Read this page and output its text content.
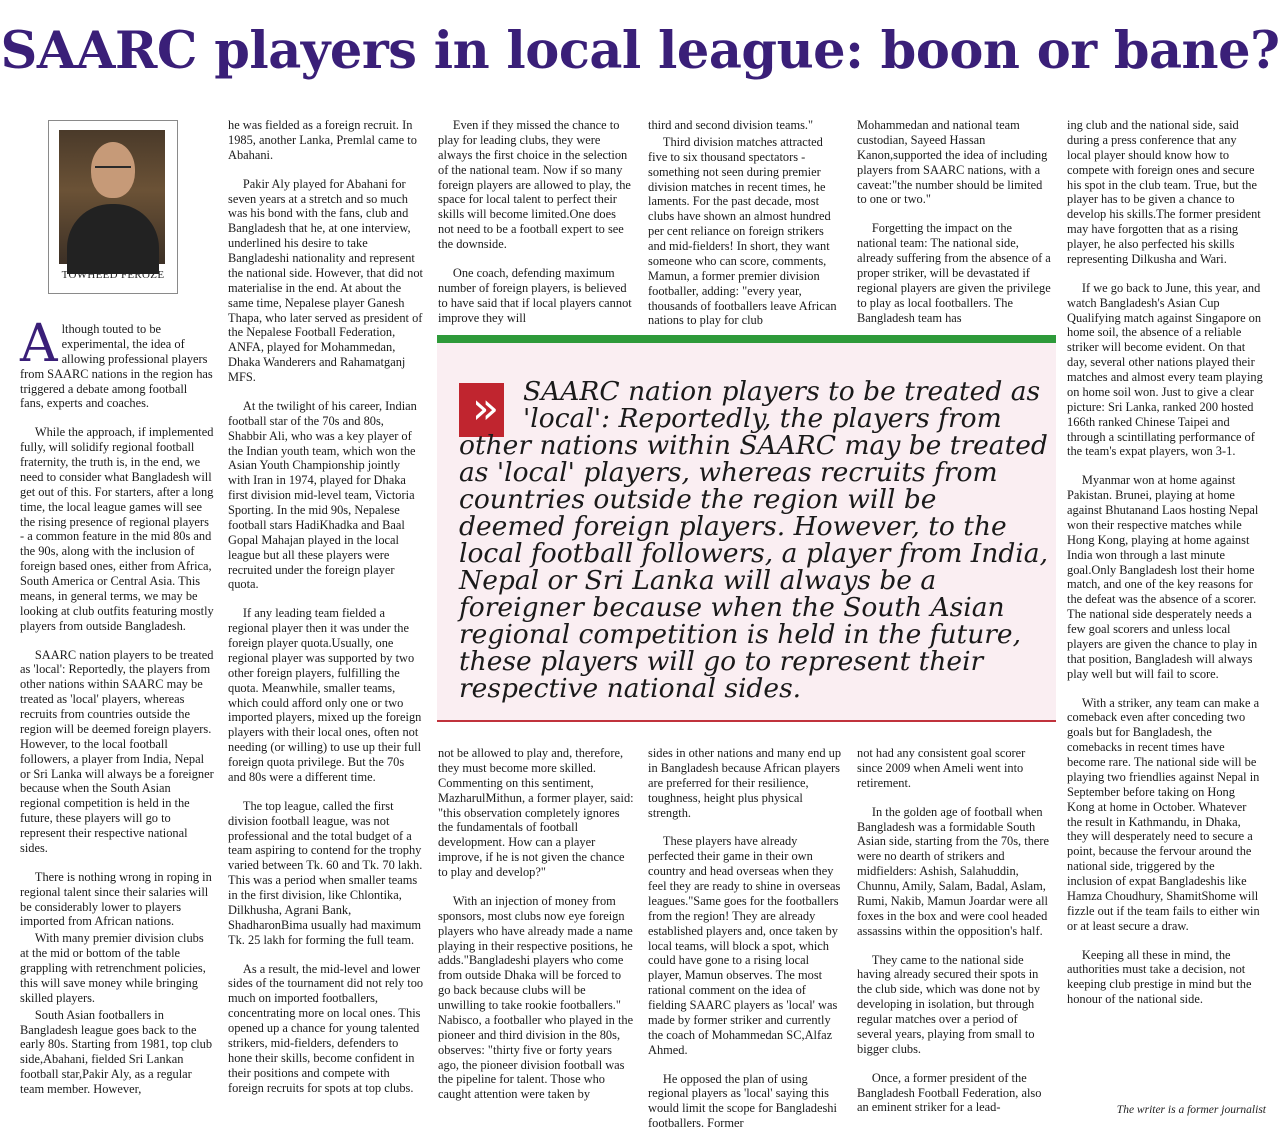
SAARC players in local league: boon or bane?
TOWHEED FEROZE

Although touted to be experimental, the idea of allowing professional players from SAARC nations in the region has triggered a debate among football fans, experts and coaches.

While the approach, if implemented fully, will solidify regional football fraternity, the truth is, in the end, we need to consider what Bangladesh will get out of this. For starters, after a long time, the local league games will see the rising presence of regional players - a common feature in the mid 80s and the 90s, along with the inclusion of foreign based ones, either from Africa, South America or Central Asia. This means, in general terms, we may be looking at club outfits featuring mostly players from outside Bangladesh.

SAARC nation players to be treated as 'local': Reportedly, the players from other nations within SAARC may be treated as 'local' players, whereas recruits from countries outside the region will be deemed foreign players. However, to the local football followers, a player from India, Nepal or Sri Lanka will always be a foreigner because when the South Asian regional competition is held in the future, these players will go to represent their respective national sides.

There is nothing wrong in roping in regional talent since their salaries will be considerably lower to players imported from African nations.

With many premier division clubs at the mid or bottom of the table grappling with retrenchment policies, this will save money while bringing skilled players.

South Asian footballers in Bangladesh league goes back to the early 80s. Starting from 1981, top club side,Abahani, fielded Sri Lankan football star,Pakir Aly, as a regular team member. However,

he was fielded as a foreign recruit. In 1985, another Lanka, Premlal came to Abahani.

Pakir Aly played for Abahani for seven years at a stretch and so much was his bond with the fans, club and Bangladesh that he, at one interview, underlined his desire to take Bangladeshi nationality and represent the national side. However, that did not materialise in the end. At about the same time, Nepalese player Ganesh Thapa, who later served as president of the Nepalese Football Federation, ANFA, played for Mohammedan, Dhaka Wanderers and Rahamatganj MFS.

At the twilight of his career, Indian football star of the 70s and 80s, Shabbir Ali, who was a key player of the Indian youth team, which won the Asian Youth Championship jointly with Iran in 1974, played for Dhaka first division mid-level team, Victoria Sporting. In the mid 90s, Nepalese football stars HadiKhadka and Baal Gopal Mahajan played in the local league but all these players were recruited under the foreign player quota.

If any leading team fielded a regional player then it was under the foreign player quota.Usually, one regional player was supported by two other foreign players, fulfilling the quota. Meanwhile, smaller teams, which could afford only one or two imported players, mixed up the foreign players with their local ones, often not needing (or willing) to use up their full foreign quota privilege. But the 70s and 80s were a different time.

The top league, called the first division football league, was not professional and the total budget of a team aspiring to contend for the trophy varied between Tk. 60 and Tk. 70 lakh. This was a period when smaller teams in the first division, like Chlontika, Dilkhusha, Agrani Bank, ShadharonBima usually had maximum Tk. 25 lakh for forming the full team.

As a result, the mid-level and lower sides of the tournament did not rely too much on imported footballers, concentrating more on local ones. This opened up a chance for young talented strikers, mid-fielders, defenders to hone their skills, become confident in their positions and compete with foreign recruits for spots at top clubs.

Even if they missed the chance to play for leading clubs, they were always the first choice in the selection of the national team. Now if so many foreign players are allowed to play, the space for local talent to perfect their skills will become limited.One does not need to be a football expert to see the downside.

One coach, defending maximum number of foreign players, is believed to have said that if local players cannot improve they will

third and second division teams."

Third division matches attracted five to six thousand spectators - something not seen during premier division matches in recent times, he laments. For the past decade, most clubs have shown an almost hundred per cent reliance on foreign strikers and mid-fielders! In short, they want someone who can score, comments, Mamun, a former premier division footballer, adding: "every year, thousands of footballers leave African nations to play for club

Mohammedan and national team custodian, Sayeed Hassan Kanon,supported the idea of including players from SAARC nations, with a caveat:"the number should be limited to one or two."

Forgetting the impact on the national team: The national side, already suffering from the absence of a proper striker, will be devastated if regional players are given the privilege to play as local footballers. The Bangladesh team has

››	SAARC nation players to be treated as 'local': Reportedly, the players from other nations within SAARC may be treated as 'local' players, whereas recruits from countries outside the region will be deemed foreign players. However, to the local football followers, a player from India, Nepal or Sri Lanka will always be a foreigner because when the South Asian regional competition is held in the future, these players will go to represent their respective national sides.

not be allowed to play and, therefore, they must become more skilled. Commenting on this sentiment, MazharulMithun, a former player, said: "this observation completely ignores the fundamentals of football development. How can a player improve, if he is not given the chance to play and develop?"

With an injection of money from sponsors, most clubs now eye foreign players who have already made a name playing in their respective positions, he adds."Bangladeshi players who come from outside Dhaka will be forced to go back because clubs will be unwilling to take rookie footballers." Nabisco, a footballer who played in the pioneer and third division in the 80s, observes: "thirty five or forty years ago, the pioneer division football was the pipeline for talent. Those who caught attention were taken by

sides in other nations and many end up in Bangladesh because African players are preferred for their resilience, toughness, height plus physical strength.

These players have already perfected their game in their own country and head overseas when they feel they are ready to shine in overseas leagues."Same goes for the footballers from the region! They are already established players and, once taken by local teams, will block a spot, which could have gone to a rising local player, Mamun observes. The most rational comment on the idea of fielding SAARC players as 'local' was made by former striker and currently the coach of Mohammedan SC,Alfaz Ahmed.

He opposed the plan of using regional players as 'local' saying this would limit the scope for Bangladeshi footballers. Former

not had any consistent goal scorer since 2009 when Ameli went into retirement.

In the golden age of football when Bangladesh was a formidable South Asian side, starting from the 70s, there were no dearth of strikers and midfielders: Ashish, Salahuddin, Chunnu, Amily, Salam, Badal, Aslam, Rumi, Nakib, Mamun Joardar were all foxes in the box and were cool headed assassins within the opposition's half.

They came to the national side having already secured their spots in the club side, which was done not by developing in isolation, but through regular matches over a period of several years, playing from small to bigger clubs.

Once, a former president of the Bangladesh Football Federation, also an eminent striker for a lead-

ing club and the national side, said during a press conference that any local player should know how to compete with foreign ones and secure his spot in the club team. True, but the player has to be given a chance to develop his skills.The former president may have forgotten that as a rising player, he also perfected his skills representing Dilkusha and Wari.

If we go back to June, this year, and watch Bangladesh's Asian Cup Qualifying match against Singapore on home soil, the absence of a reliable striker will become evident. On that day, several other nations played their matches and almost every team playing on home soil won. Just to give a clear picture: Sri Lanka, ranked 200 hosted 166th ranked Chinese Taipei and through a scintillating performance of the team's expat players, won 3-1.

Myanmar won at home against Pakistan. Brunei, playing at home against Bhutanand Laos hosting Nepal won their respective matches while Hong Kong, playing at home against India won through a last minute goal.Only Bangladesh lost their home match, and one of the key reasons for the defeat was the absence of a scorer. The national side desperately needs a few goal scorers and unless local players are given the chance to play in that position, Bangladesh will always play well but will fail to score.

With a striker, any team can make a comeback even after conceding two goals but for Bangladesh, the comebacks in recent times have become rare. The national side will be playing two friendlies against Nepal in September before taking on Hong Kong at home in October. Whatever the result in Kathmandu, in Dhaka, they will desperately need to secure a point, because the fervour around the national side, triggered by the inclusion of expat Bangladeshis like Hamza Choudhury, ShamitShome will fizzle out if the team fails to either win or at least secure a draw.

Keeping all these in mind, the authorities must take a decision, not keeping club prestige in mind but the honour of the national side.

The writer is a former journalist
